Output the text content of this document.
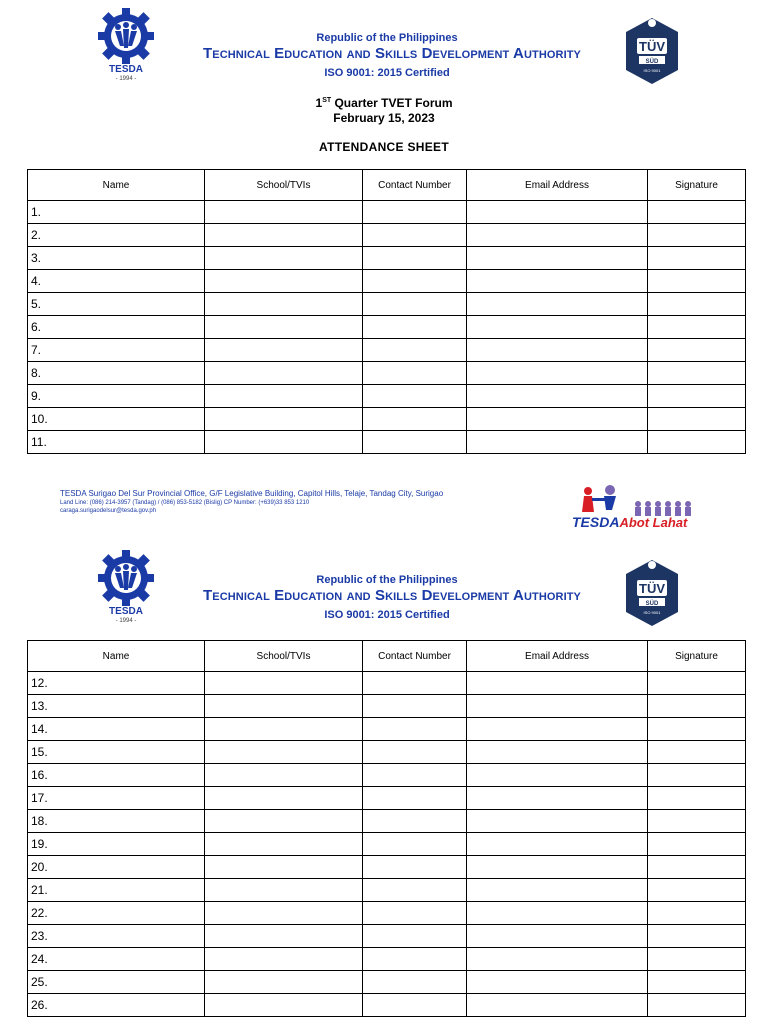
TESDA
- 1994 -
Republic of the Philippines
Technical Education and Skills Development Authority
ISO 9001: 2015 Certified
TÜV
SÜD
ISO 9001
1ST Quarter TVET Forum
February 15, 2023
ATTENDANCE SHEET
Name	School/TVIs	Contact Number	Email Address	Signature
1.				
2.				
3.				
4.				
5.				
6.				
7.				
8.				
9.				
10.				
11.				
TESDA Surigao Del Sur Provincial Office, G/F Legislative Building, Capitol Hills, Telaje, Tandag City, Surigao
Land Line: (086) 214-3957 (Tandag) / (086) 853-5182 (Bislig) CP Number: (+639)33 853 1210
caraga.surigaodelsur@tesda.gov.ph
TESDAAbot Lahat
TESDA
- 1994 -
Republic of the Philippines
Technical Education and Skills Development Authority
ISO 9001: 2015 Certified
TÜV
SÜD
ISO 9001
Name	School/TVIs	Contact Number	Email Address	Signature
12.				
13.				
14.				
15.				
16.				
17.				
18.				
19.				
20.				
21.				
22.				
23.				
24.				
25.				
26.				
